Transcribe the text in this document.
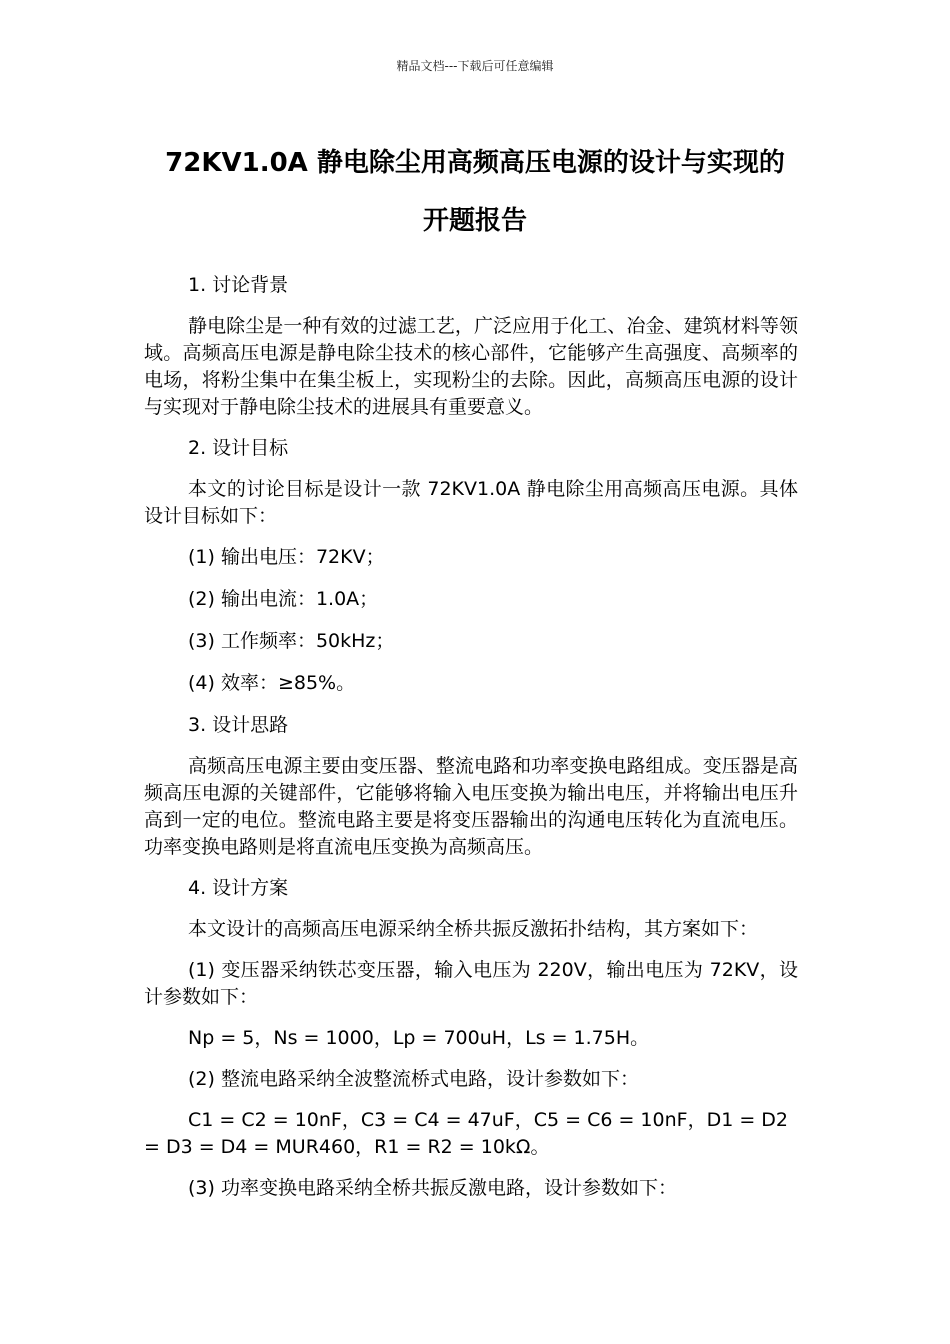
精品文档---下载后可任意编辑
72KV1.0A 静电除尘用高频高压电源的设计与实现的
开题报告

1. 讨论背景

静电除尘是一种有效的过滤工艺，广泛应用于化工、冶金、建筑材料等领域。高频高压电源是静电除尘技术的核心部件，它能够产生高强度、高频率的电场，将粉尘集中在集尘板上，实现粉尘的去除。因此，高频高压电源的设计与实现对于静电除尘技术的进展具有重要意义。

2. 设计目标

本文的讨论目标是设计一款 72KV1.0A 静电除尘用高频高压电源。具体设计目标如下：

(1) 输出电压：72KV；

(2) 输出电流：1.0A；

(3) 工作频率：50kHz；

(4) 效率：≥85%。

3. 设计思路

高频高压电源主要由变压器、整流电路和功率变换电路组成。变压器是高频高压电源的关键部件，它能够将输入电压变换为输出电压，并将输出电压升高到一定的电位。整流电路主要是将变压器输出的沟通电压转化为直流电压。功率变换电路则是将直流电压变换为高频高压。

4. 设计方案

本文设计的高频高压电源采纳全桥共振反激拓扑结构，其方案如下：

(1) 变压器采纳铁芯变压器，输入电压为 220V，输出电压为 72KV，设计参数如下：

Np = 5，Ns = 1000，Lp = 700uH，Ls = 1.75H。

(2) 整流电路采纳全波整流桥式电路，设计参数如下：

C1 = C2 = 10nF，C3 = C4 = 47uF，C5 = C6 = 10nF，D1 = D2 = D3 = D4 = MUR460，R1 = R2 = 10kΩ。

(3) 功率变换电路采纳全桥共振反激电路，设计参数如下：
